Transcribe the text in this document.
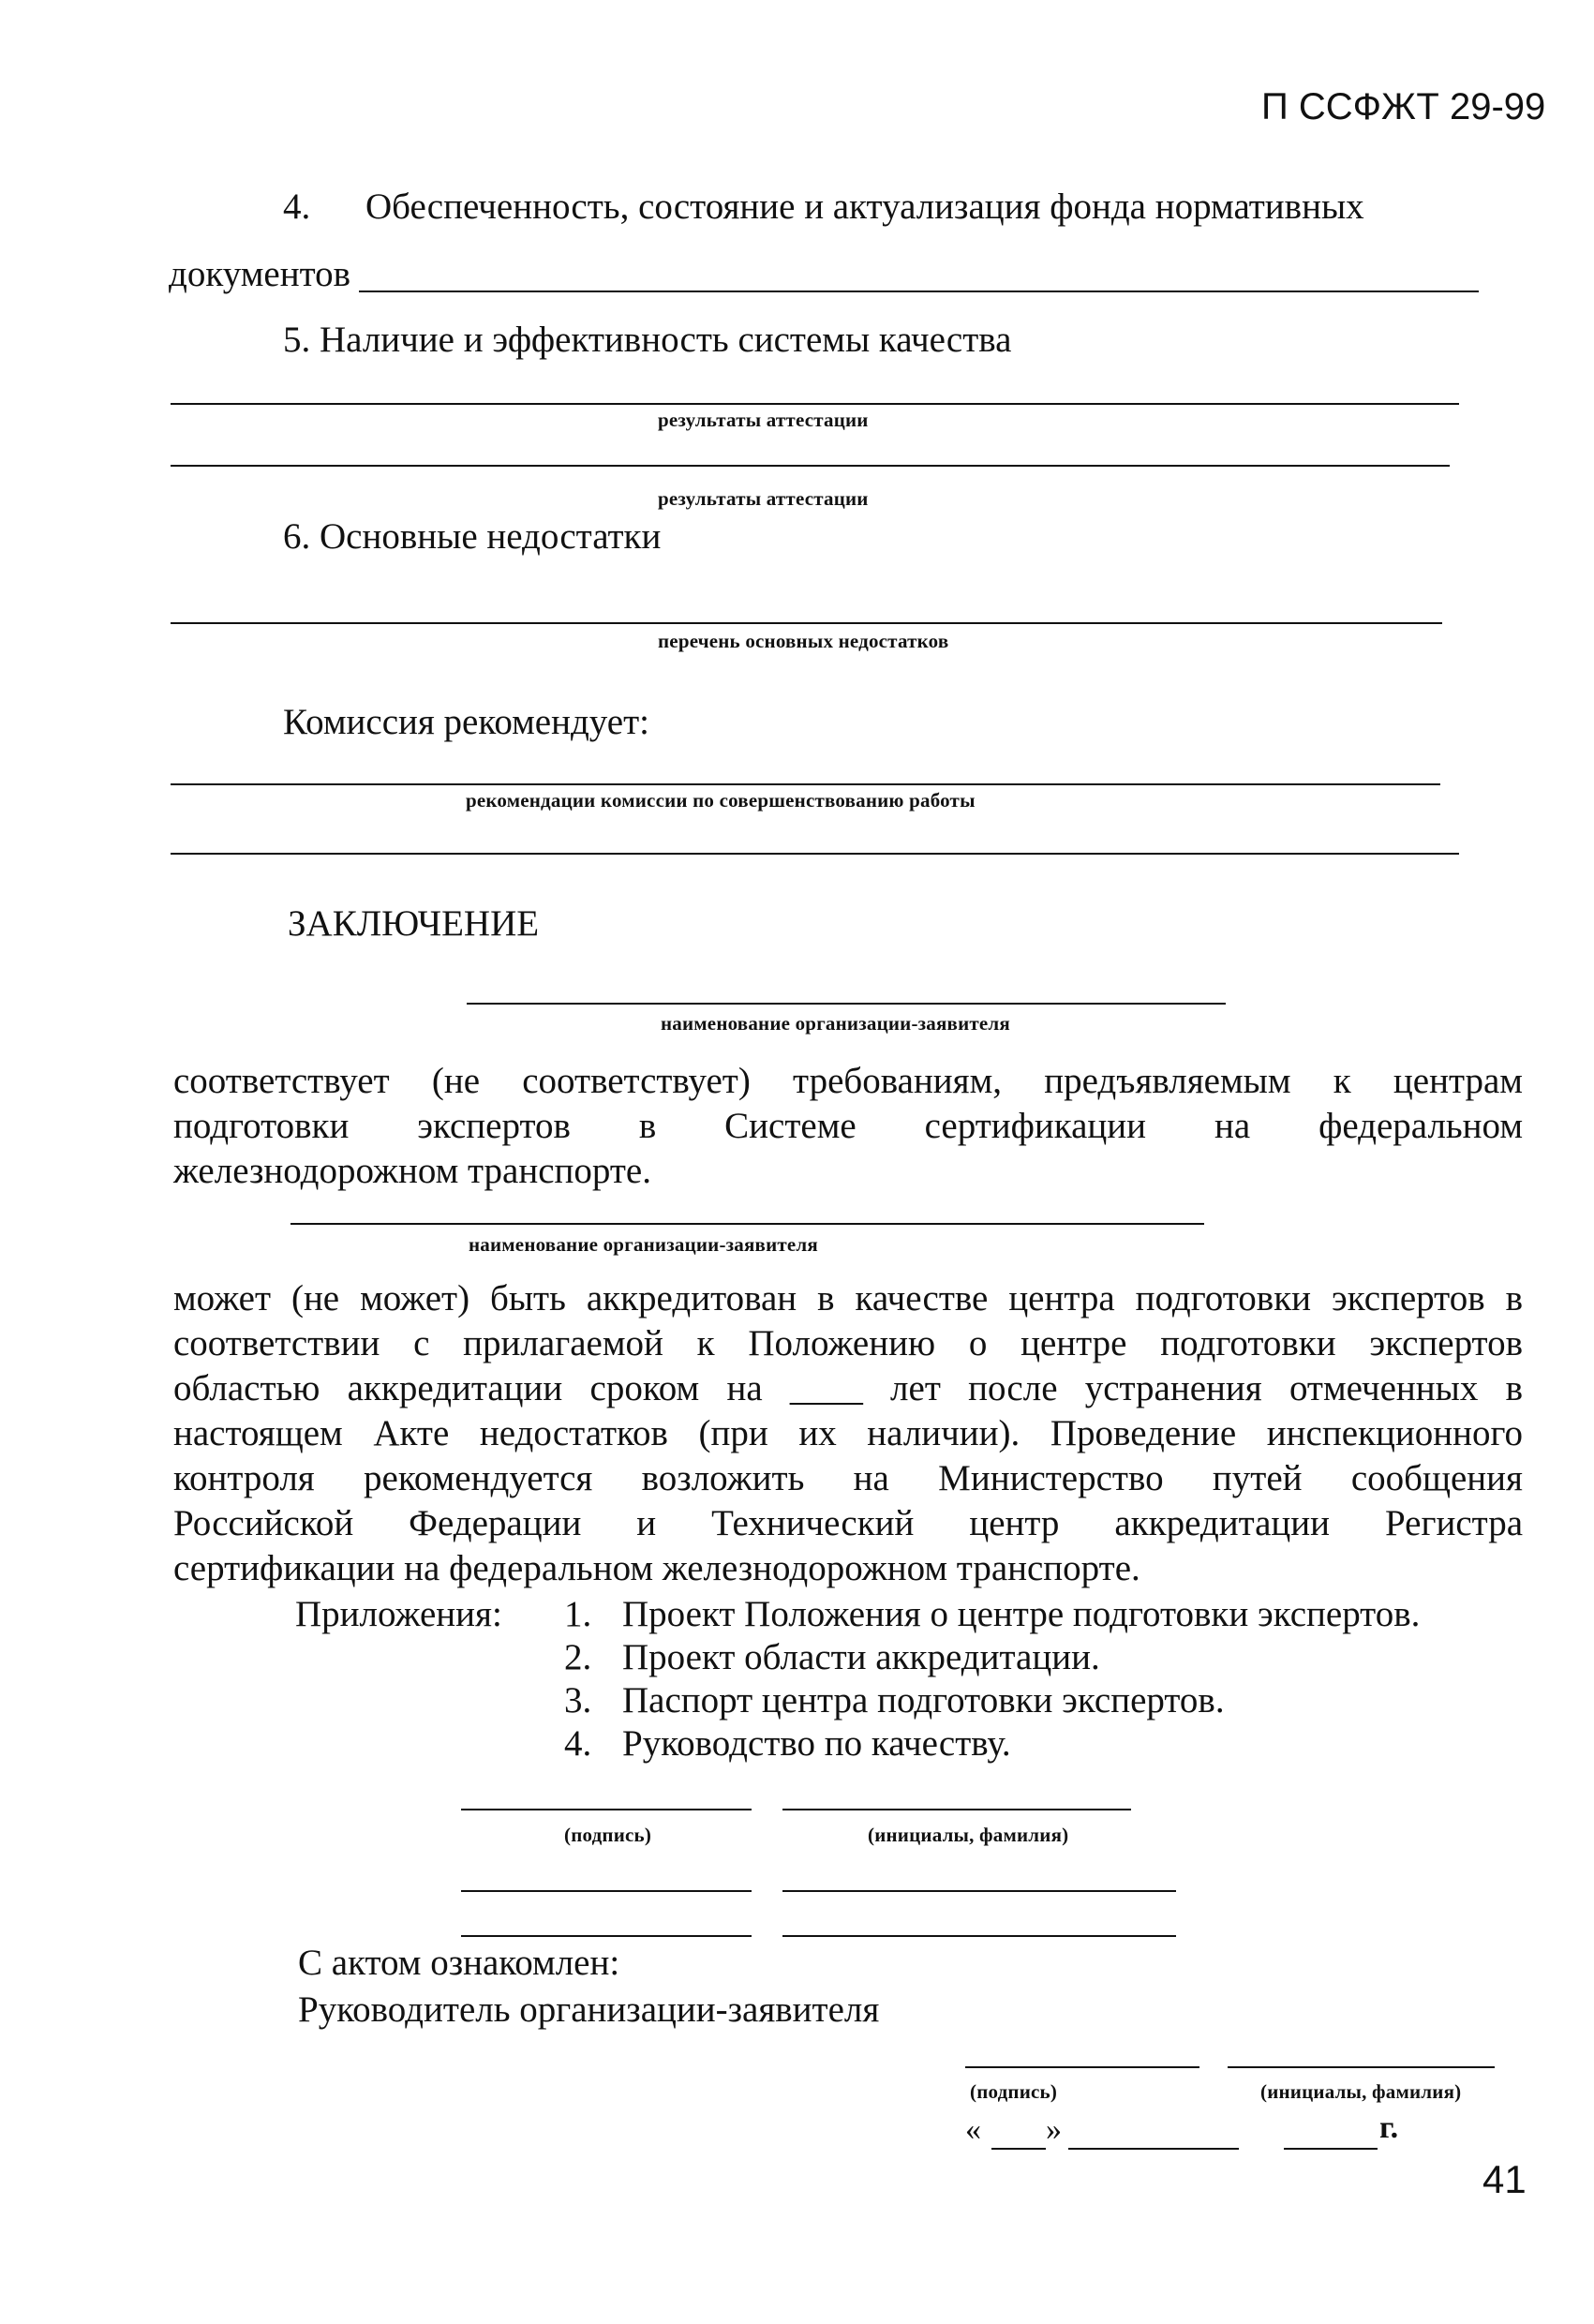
П ССФЖТ 29-99
4. Обеспеченность, состояние и актуализация фонда нормативных
документов
5. Наличие и эффективность системы качества
результаты аттестации
результаты аттестации
6. Основные недостатки
перечень основных недостатков
Комиссия рекомендует:
рекомендации комиссии по совершенствованию работы
ЗАКЛЮЧЕНИЕ
наименование организации-заявителя
соответствует (не соответствует) требованиям, предъявляемым к центрам
подготовки экспертов в Системе сертификации на федеральном
железнодорожном транспорте.
наименование организации-заявителя
может (не может) быть аккредитован в качестве центра подготовки экспертов в
соответствии с прилагаемой к Положению о центре подготовки экспертов
областью аккредитации сроком на ____ лет после устранения отмеченных в
настоящем Акте недостатков (при их наличии). Проведение инспекционного
контроля рекомендуется возложить на Министерство путей сообщения
Российской Федерации и Технический центр аккредитации Регистра
сертификации на федеральном железнодорожном транспорте.
Приложения: 1. Проект Положения о центре подготовки экспертов.
2. Проект области аккредитации.
3. Паспорт центра подготовки экспертов.
4. Руководство по качеству.
(подпись)	(инициалы, фамилия)
С актом ознакомлен:
Руководитель организации-заявителя
(подпись)	(инициалы, фамилия)
« »	г.
41
